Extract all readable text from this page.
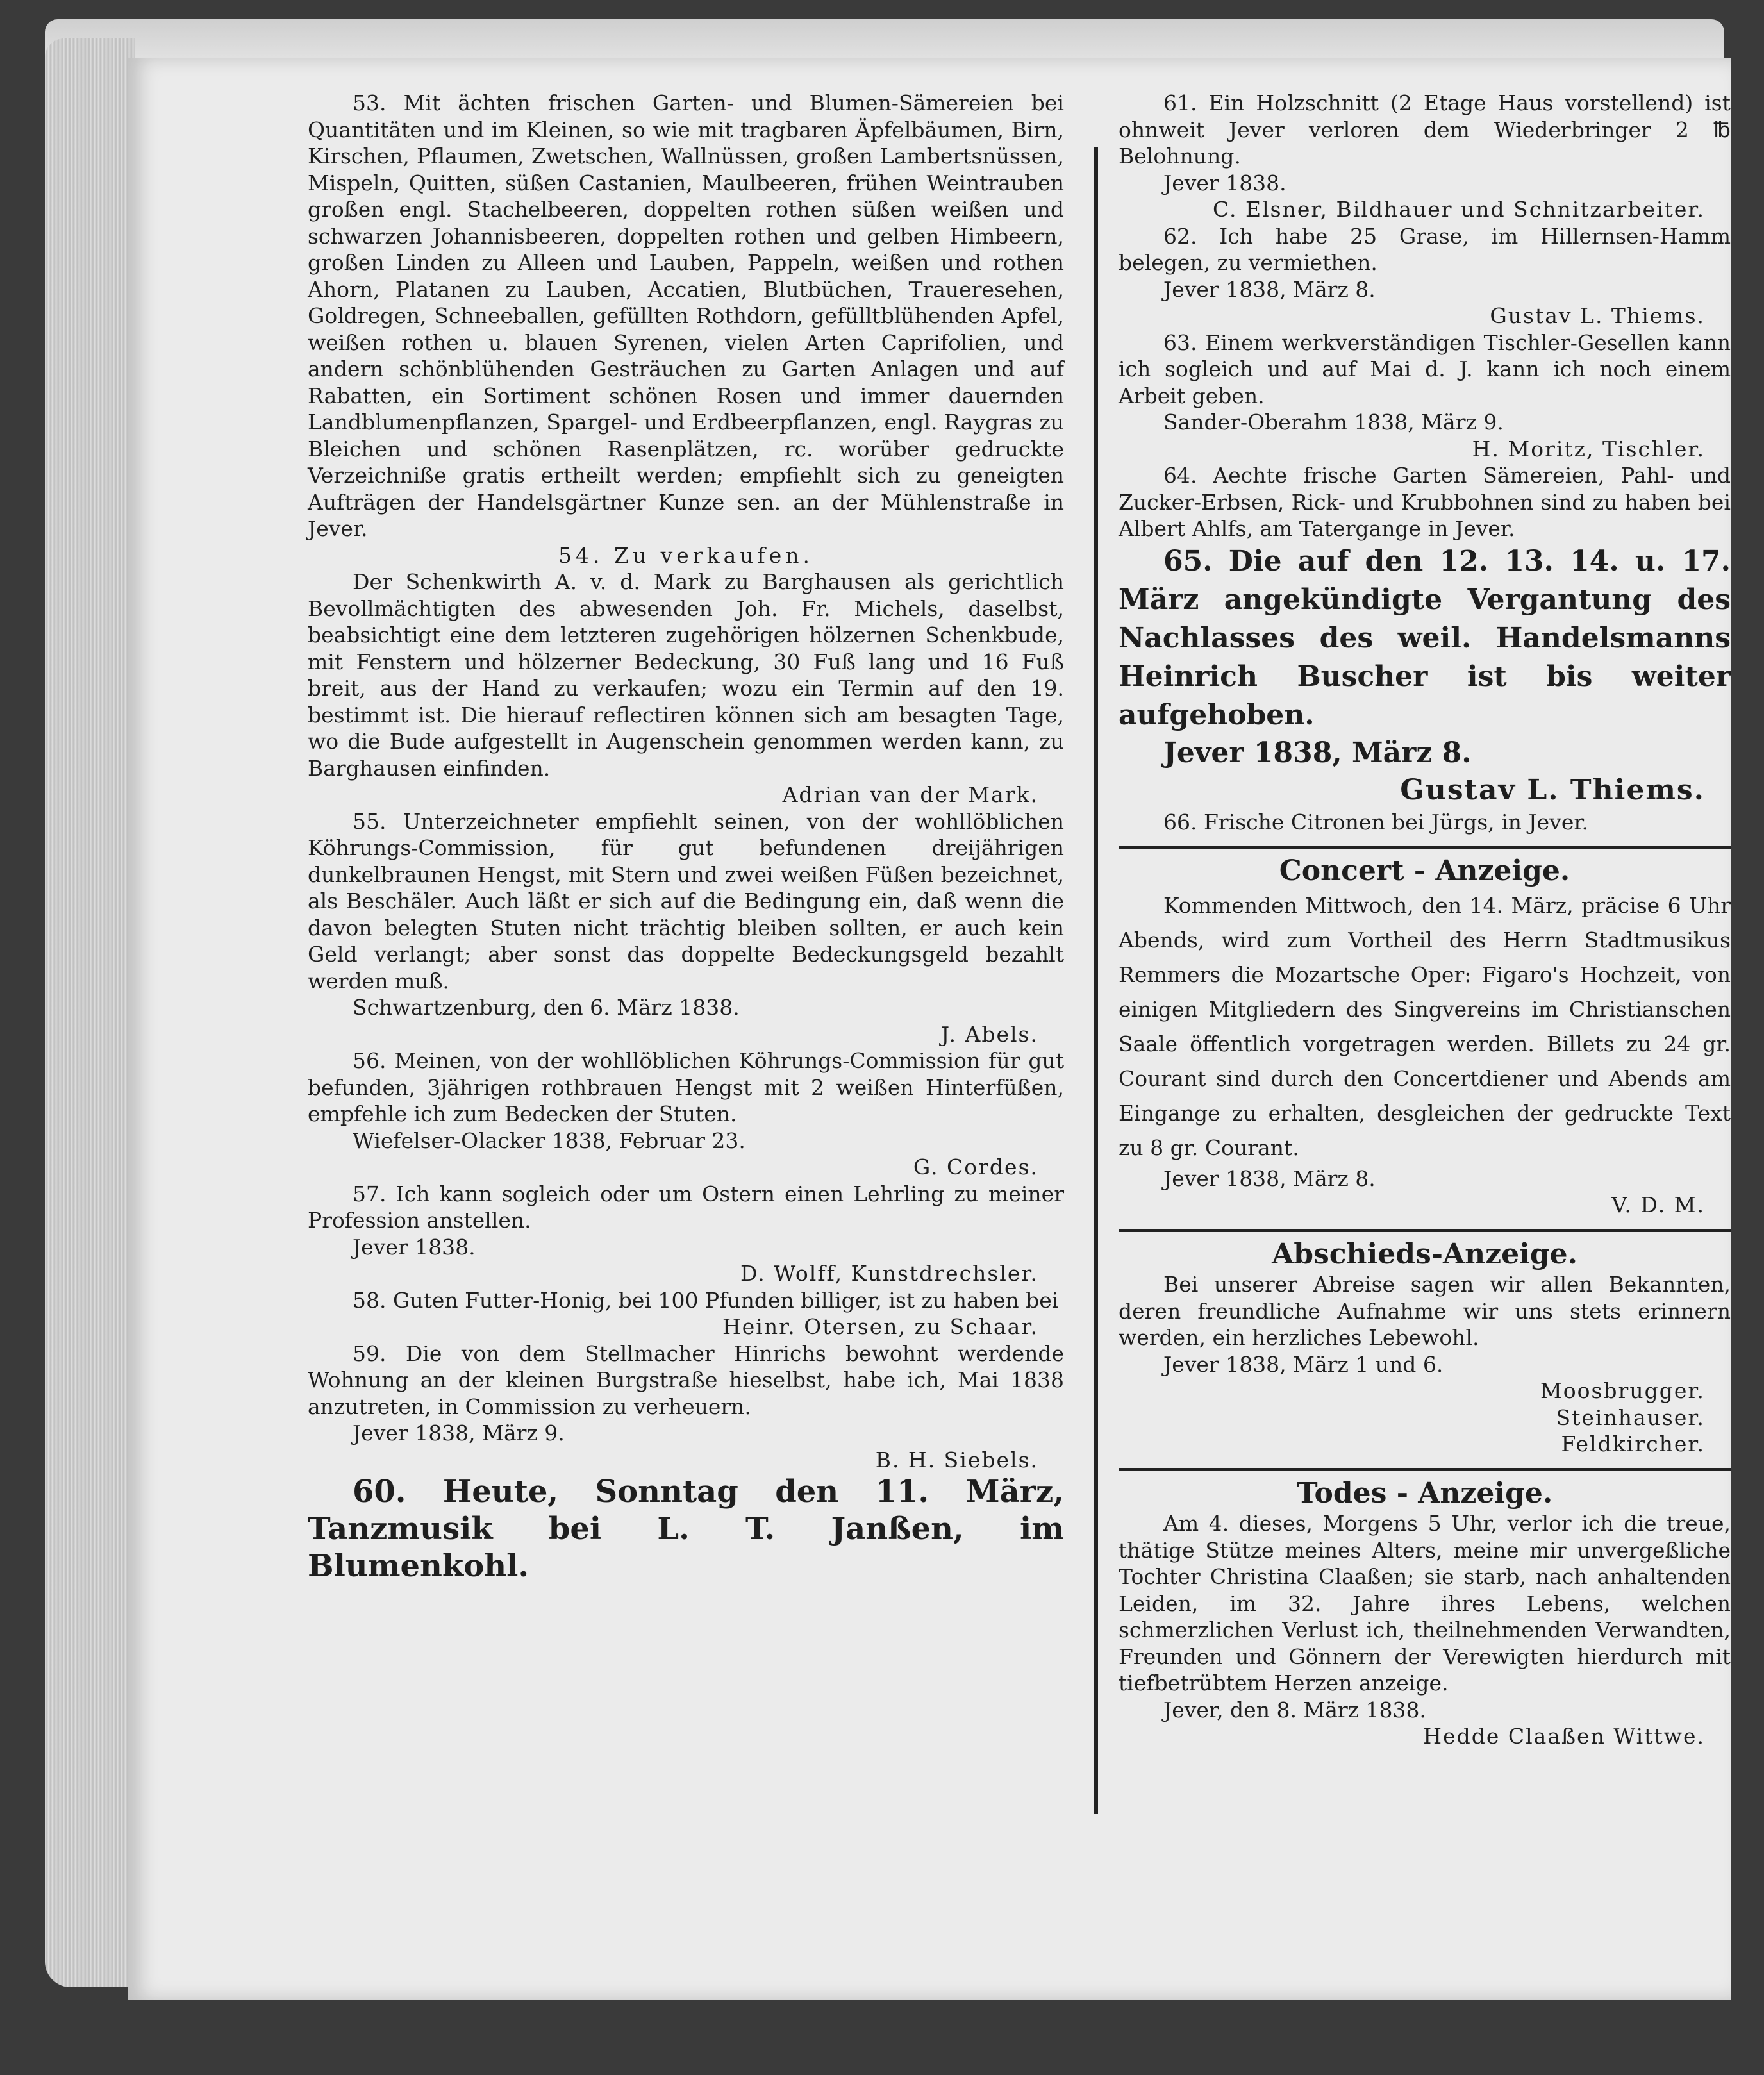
53. Mit ächten frischen Garten- und Blumen-Sämereien bei Quantitäten und im Kleinen, so wie mit tragbaren Äpfelbäumen, Birn, Kirschen, Pflaumen, Zwetschen, Wallnüssen, großen Lambertsnüssen, Mispeln, Quitten, süßen Castanien, Maulbeeren, frühen Weintrauben großen engl. Stachelbeeren, doppelten rothen süßen weißen und schwarzen Johannisbeeren, doppelten rothen und gelben Himbeern, großen Linden zu Alleen und Lauben, Pappeln, weißen und rothen Ahorn, Platanen zu Lauben, Accatien, Blutbüchen, Traueresehen, Goldregen, Schneeballen, gefüllten Rothdorn, gefülltblühenden Apfel, weißen rothen u. blauen Syrenen, vielen Arten Caprifolien, und andern schönblühenden Gesträuchen zu Garten Anlagen und auf Rabatten, ein Sortiment schönen Rosen und immer dauernden Landblumenpflanzen, Spargel- und Erdbeerpflanzen, engl. Raygras zu Bleichen und schönen Rasenplätzen, rc. worüber gedruckte Verzeichniße gratis ertheilt werden; empfiehlt sich zu geneigten Aufträgen der Handelsgärtner Kunze sen. an der Mühlenstraße in Jever.

54. Zu verkaufen.

Der Schenkwirth A. v. d. Mark zu Barghausen als gerichtlich Bevollmächtigten des abwesenden Joh. Fr. Michels, daselbst, beabsichtigt eine dem letzteren zugehörigen hölzernen Schenkbude, mit Fenstern und hölzerner Bedeckung, 30 Fuß lang und 16 Fuß breit, aus der Hand zu verkaufen; wozu ein Termin auf den 19. bestimmt ist. Die hierauf reflectiren können sich am besagten Tage, wo die Bude aufgestellt in Augenschein genommen werden kann, zu Barghausen einfinden.

Adrian van der Mark.

55. Unterzeichneter empfiehlt seinen, von der wohllöblichen Köhrungs-Commission, für gut befundenen dreijährigen dunkelbraunen Hengst, mit Stern und zwei weißen Füßen bezeichnet, als Beschäler. Auch läßt er sich auf die Bedingung ein, daß wenn die davon belegten Stuten nicht trächtig bleiben sollten, er auch kein Geld verlangt; aber sonst das doppelte Bedeckungsgeld bezahlt werden muß.

Schwartzenburg, den 6. März 1838.

J. Abels.

56. Meinen, von der wohllöblichen Köhrungs-Commission für gut befunden, 3jährigen rothbrauen Hengst mit 2 weißen Hinterfüßen, empfehle ich zum Bedecken der Stuten.

Wiefelser-Olacker 1838, Februar 23.

G. Cordes.

57. Ich kann sogleich oder um Ostern einen Lehrling zu meiner Profession anstellen.

Jever 1838.

D. Wolff, Kunstdrechsler.

58. Guten Futter-Honig, bei 100 Pfunden billiger, ist zu haben bei

Heinr. Otersen, zu Schaar.

59. Die von dem Stellmacher Hinrichs bewohnt werdende Wohnung an der kleinen Burgstraße hieselbst, habe ich, Mai 1838 anzutreten, in Commission zu verheuern.

Jever 1838, März 9.

B. H. Siebels.

60. Heute, Sonntag den 11. März, Tanzmusik bei L. T. Janßen, im Blumenkohl.

61. Ein Holzschnitt (2 Etage Haus vorstellend) ist ohnweit Jever verloren dem Wiederbringer 2 ℔ Belohnung.

Jever 1838.

C. Elsner, Bildhauer und Schnitzarbeiter.

62. Ich habe 25 Grase, im Hillernsen-Hamm belegen, zu vermiethen.

Jever 1838, März 8.

Gustav L. Thiems.

63. Einem werkverständigen Tischler-Gesellen kann ich sogleich und auf Mai d. J. kann ich noch einem Arbeit geben.

Sander-Oberahm 1838, März 9.

H. Moritz, Tischler.

64. Aechte frische Garten Sämereien, Pahl- und Zucker-Erbsen, Rick- und Krubbohnen sind zu haben bei Albert Ahlfs, am Tatergange in Jever.

65. Die auf den 12. 13. 14. u. 17. März angekündigte Vergantung des Nachlasses des weil. Handelsmanns Heinrich Buscher ist bis weiter aufgehoben.

Jever 1838, März 8.

Gustav L. Thiems.

66. Frische Citronen bei Jürgs, in Jever.

Concert - Anzeige.

Kommenden Mittwoch, den 14. März, präcise 6 Uhr Abends, wird zum Vortheil des Herrn Stadtmusikus Remmers die Mozartsche Oper: Figaro's Hochzeit, von einigen Mitgliedern des Singvereins im Christianschen Saale öffentlich vorgetragen werden. Billets zu 24 gr. Courant sind durch den Concertdiener und Abends am Eingange zu erhalten, desgleichen der gedruckte Text zu 8 gr. Courant.

Jever 1838, März 8.

V. D. M.

Abschieds-Anzeige.

Bei unserer Abreise sagen wir allen Bekannten, deren freundliche Aufnahme wir uns stets erinnern werden, ein herzliches Lebewohl.

Jever 1838, März 1 und 6.

Moosbrugger.

Steinhauser.

Feldkircher.

Todes - Anzeige.

Am 4. dieses, Morgens 5 Uhr, verlor ich die treue, thätige Stütze meines Alters, meine mir unvergeßliche Tochter Christina Claaßen; sie starb, nach anhaltenden Leiden, im 32. Jahre ihres Lebens, welchen schmerzlichen Verlust ich, theilnehmenden Verwandten, Freunden und Gönnern der Verewigten hierdurch mit tiefbetrübtem Herzen anzeige.

Jever, den 8. März 1838.

Hedde Claaßen Wittwe.
